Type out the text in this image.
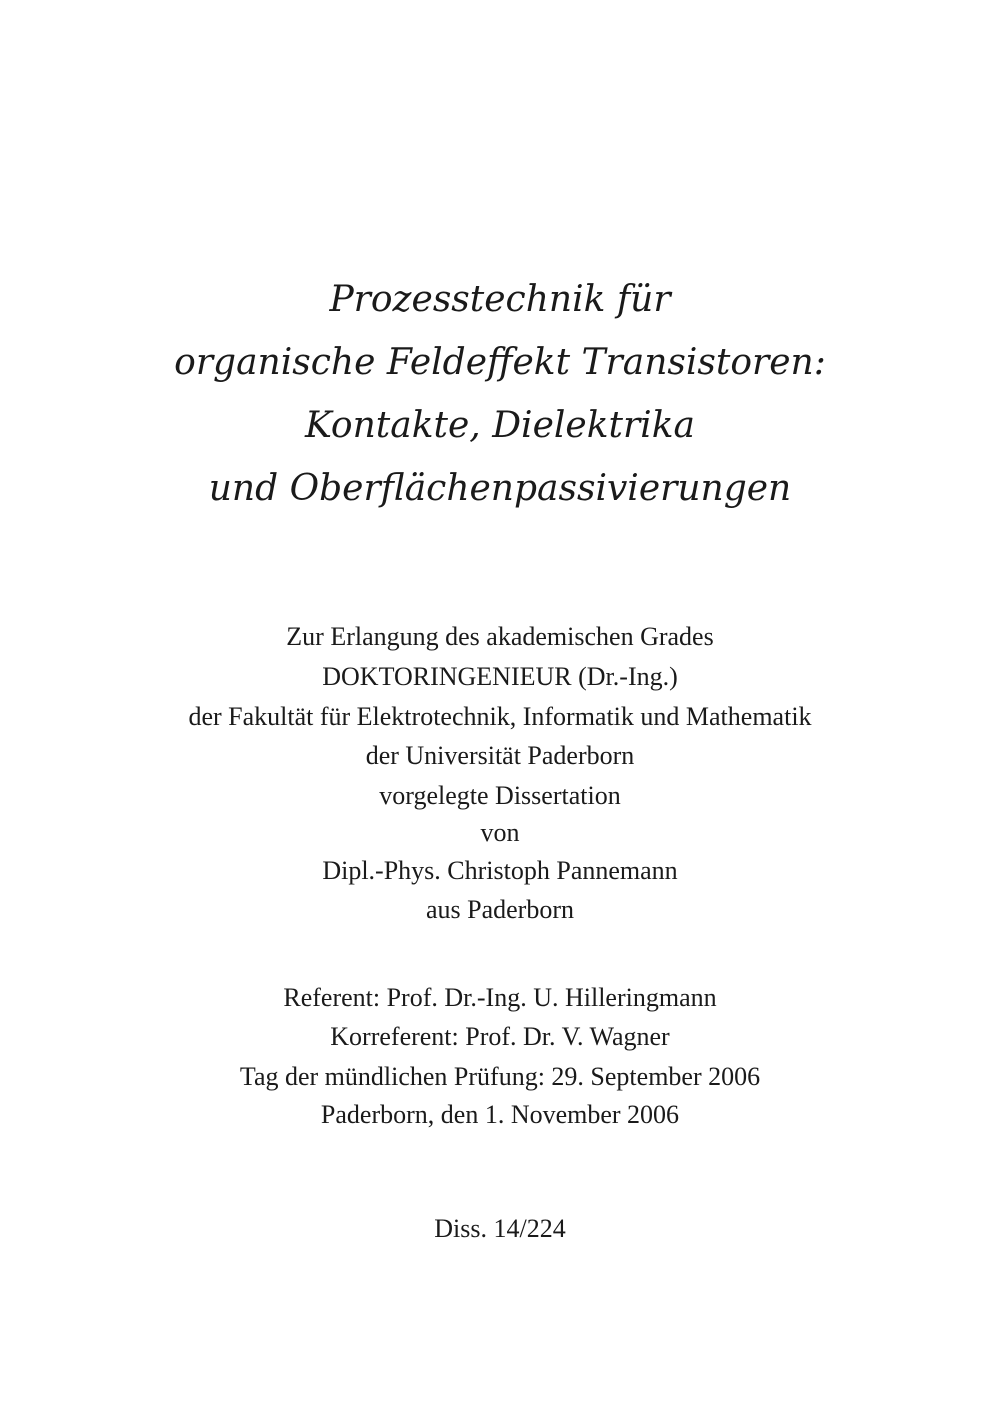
Prozesstechnik für
organische Feldeffekt Transistoren:
Kontakte, Dielektrika
und Oberflächenpassivierungen
Zur Erlangung des akademischen Grades
DOKTORINGENIEUR (Dr.-Ing.)
der Fakultät für Elektrotechnik, Informatik und Mathematik
der Universität Paderborn
vorgelegte Dissertation
von
Dipl.-Phys. Christoph Pannemann
aus Paderborn
Referent: Prof. Dr.-Ing. U. Hilleringmann
Korreferent: Prof. Dr. V. Wagner
Tag der mündlichen Prüfung: 29. September 2006
Paderborn, den 1. November 2006
Diss. 14/224
